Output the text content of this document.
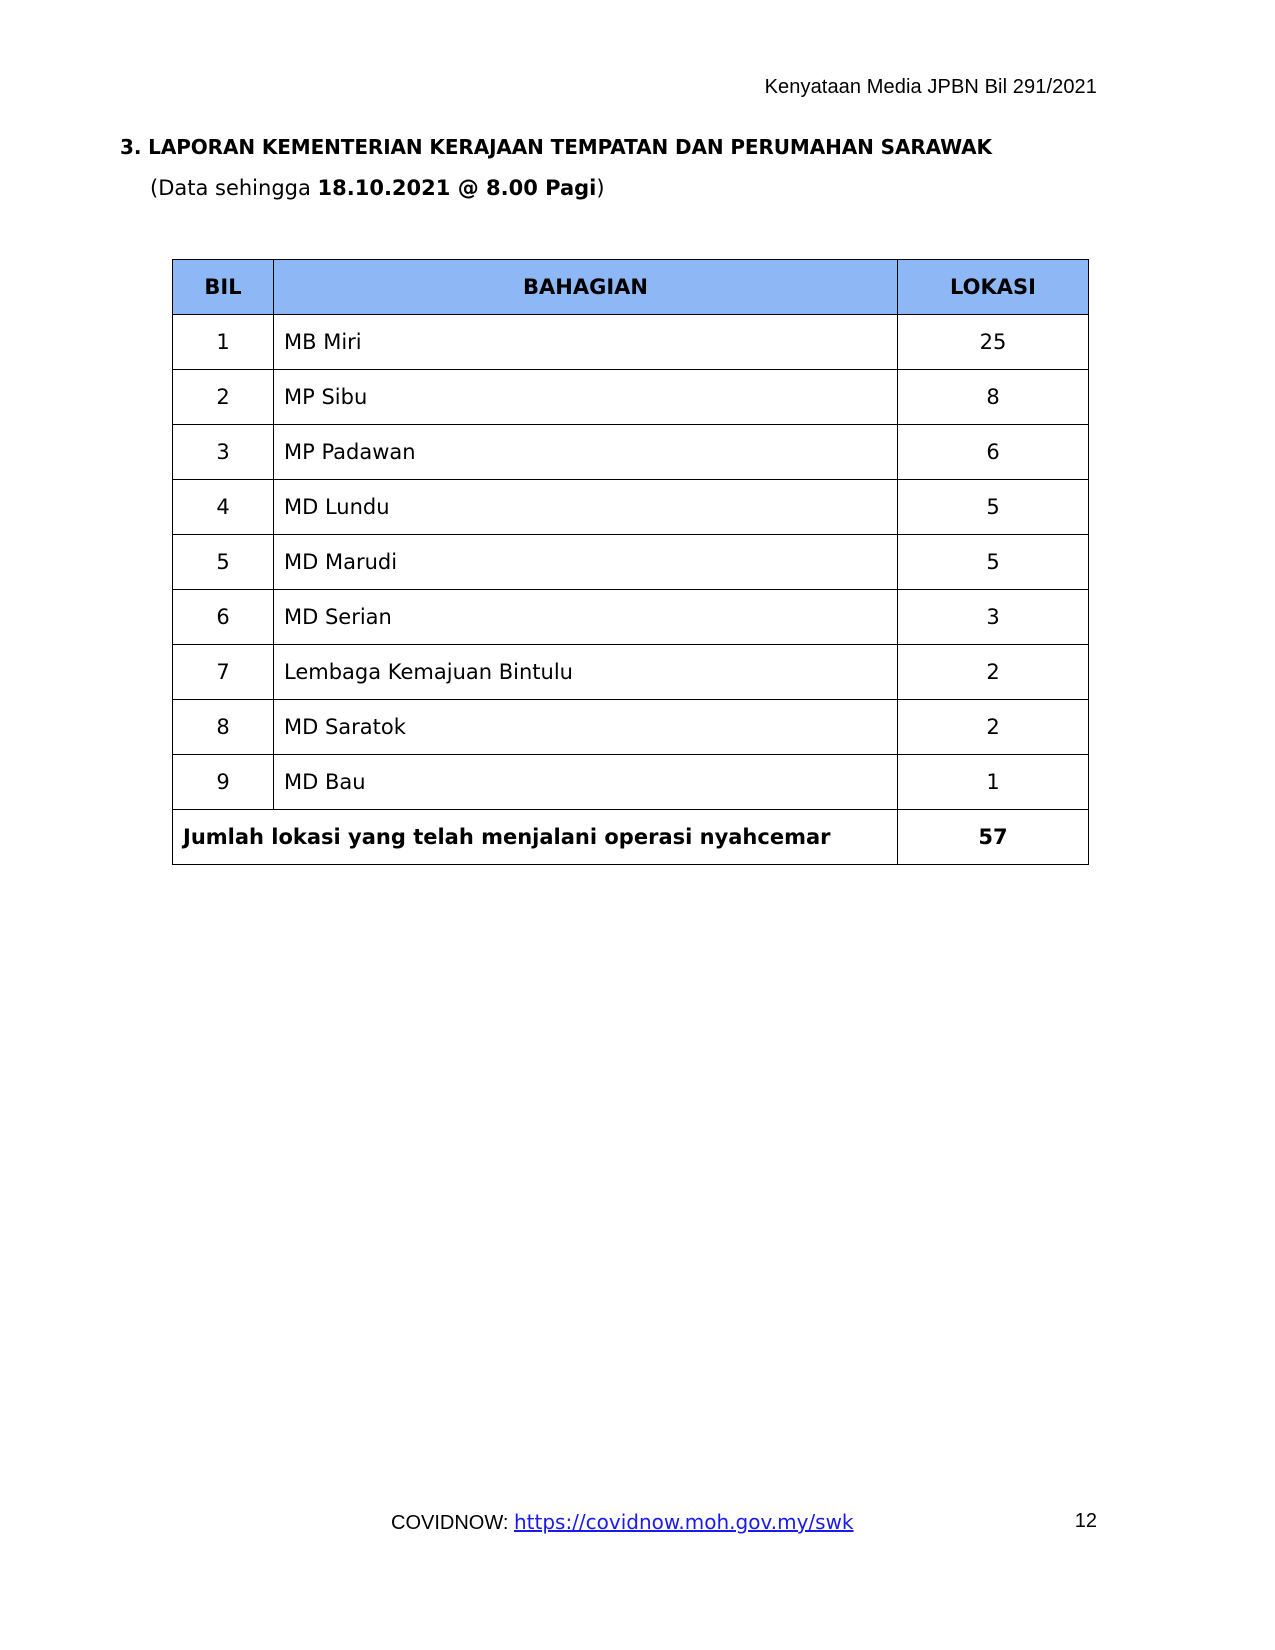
Kenyataan Media JPBN Bil 291/2021
3. LAPORAN KEMENTERIAN KERAJAAN TEMPATAN DAN PERUMAHAN SARAWAK
(Data sehingga 18.10.2021 @ 8.00 Pagi)
BIL	BAHAGIAN	LOKASI
1	MB Miri	25
2	MP Sibu	8
3	MP Padawan	6
4	MD Lundu	5
5	MD Marudi	5
6	MD Serian	3
7	Lembaga Kemajuan Bintulu	2
8	MD Saratok	2
9	MD Bau	1
Jumlah lokasi yang telah menjalani operasi nyahcemar		57
COVIDNOW: https://covidnow.moh.gov.my/swk	12
